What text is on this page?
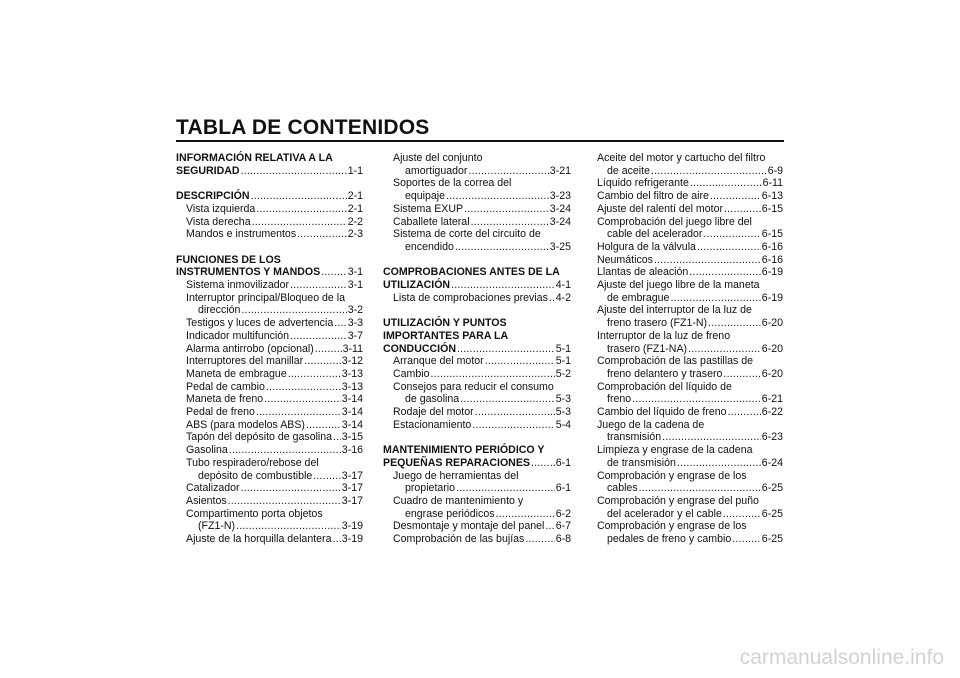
TABLA DE CONTENIDOS
INFORMACIÓN RELATIVA A LA
SEGURIDAD .....	1-1
DESCRIPCIÓN .....	2-1
Vista izquierda .....	2-1
Vista derecha .....	2-2
Mandos e instrumentos .....	2-3
FUNCIONES DE LOS
INSTRUMENTOS Y MANDOS .....	3-1
Sistema inmovilizador .....	3-1
Interruptor principal/Bloqueo de la
dirección .....	3-2
Testigos y luces de advertencia ..... 3-3
Indicador multifunción .....	3-7
Alarma antirrobo (opcional) .....	3-11
Interruptores del manillar .....	3-12
Maneta de embrague .....	3-13
Pedal de cambio .....	3-13
Maneta de freno .....	3-14
Pedal de freno .....	3-14
ABS (para modelos ABS) .....	3-14
Tapón del depósito de gasolina ..... 3-15
Gasolina .....	3-16
Tubo respiradero/rebose del
depósito de combustible .....	3-17
Catalizador .....	3-17
Asientos .....	3-17
Compartimento porta objetos
(FZ1-N) .....	3-19
Ajuste de la horquilla delantera ..... 3-19
Ajuste del conjunto
amortiguador .....	3-21
Soportes de la correa del
equipaje .....	3-23
Sistema EXUP .....	3-24
Caballete lateral .....	3-24
Sistema de corte del circuito de
encendido .....	3-25
COMPROBACIONES ANTES DE LA
UTILIZACIÓN .....	4-1
Lista de comprobaciones previas ..... 4-2
UTILIZACIÓN Y PUNTOS
IMPORTANTES PARA LA
CONDUCCIÓN .....	5-1
Arranque del motor .....	5-1
Cambio .....	5-2
Consejos para reducir el consumo
de gasolina .....	5-3
Rodaje del motor .....	5-3
Estacionamiento .....	5-4
MANTENIMIENTO PERIÓDICO Y
PEQUEÑAS REPARACIONES ..... 6-1
Juego de herramientas del
propietario .....	6-1
Cuadro de mantenimiento y
engrase periódicos .....	6-2
Desmontaje y montaje del panel ..... 6-7
Comprobación de las bujías .....	6-8
Aceite del motor y cartucho del filtro
de aceite .....	6-9
Líquido refrigerante .....	6-11
Cambio del filtro de aire .....	6-13
Ajuste del ralentí del motor .....	6-15
Comprobación del juego libre del
cable del acelerador .....	6-15
Holgura de la válvula .....	6-16
Neumáticos .....	6-16
Llantas de aleación .....	6-19
Ajuste del juego libre de la maneta
de embrague .....	6-19
Ajuste del interruptor de la luz de
freno trasero (FZ1-N) .....	6-20
Interruptor de la luz de freno
trasero (FZ1-NA) .....	6-20
Comprobación de las pastillas de
freno delantero y trasero .....	6-20
Comprobación del líquido de
freno .....	6-21
Cambio del líquido de freno .....	6-22
Juego de la cadena de
transmisión .....	6-23
Limpieza y engrase de la cadena
de transmisión .....	6-24
Comprobación y engrase de los
cables .....	6-25
Comprobación y engrase del puño
del acelerador y el cable .....	6-25
Comprobación y engrase de los
pedales de freno y cambio .....	6-25
carmanualsonline.info
